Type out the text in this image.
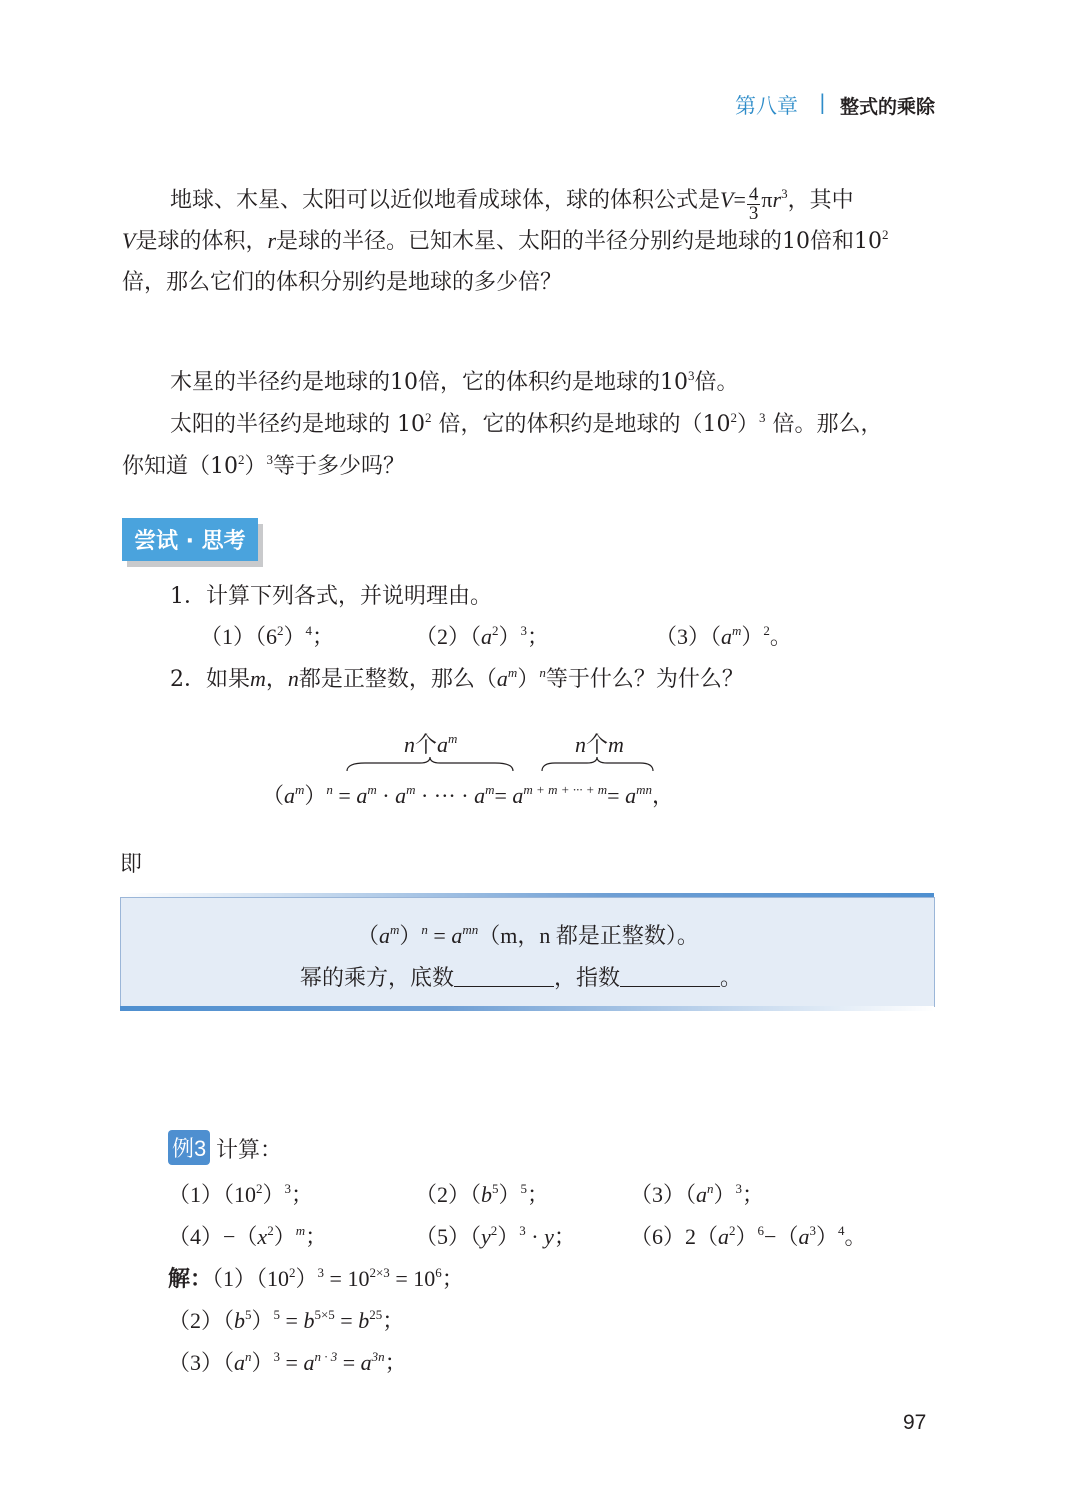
第八章 | 整式的乘除
地球、木星、太阳可以近似地看成球体，球的体积公式是$V= \frac{4}{3} \pi r^3$，其中
V是球的体积，r是球的半径。已知木星、太阳的半径分别约是地球的10倍和$10^2$
倍，那么它们的体积分别约是地球的多少倍？
木星的半径约是地球的10倍，它的体积约是地球的$10^3$倍。
太阳的半径约是地球的 $10^2$ 倍，它的体积约是地球的$(10^2)^3$ 倍。那么，
你知道$(10^2)^3$等于多少吗？
尝试 · 思考
1．计算下列各式，并说明理由。
$(1)(6^2)^4$；	$(2)(a^2)^3$；	$(3)(a^m)^2$。
2．如果m，n都是正整数，那么$(a^m)^n$等于什么？为什么？
n个$a^m$	n个m
$(a^m)^n = a^m \cdot a^m$ · ··· · $a^m= a^{m + m + \cdot\cdot\cdot + m}= a^{mn}$，
即
$(a^m)^n = a^{mn}(m$，n 都是正整数）。
幂的乘方，底数	，指数	。
例3 计算：
$(1)(10^2)^3$；	$(2)(b^5)^5$；	$(3)(a^n)^3$；
$(4)-(x^2)^m$；	$(5)(y^2)^3 \cdot y$； $(6)2(a^2)^6-(a^3)^4$。
解：$(1)(10^2)^3 = 10^{2\times 3} = 10^6$；
$(2)(b^5)^5 = b^{5\times 5} = b^{25}$；
$(3)(a^n)^3 = a^{n \cdot 3} = a^{3n}$；
97
